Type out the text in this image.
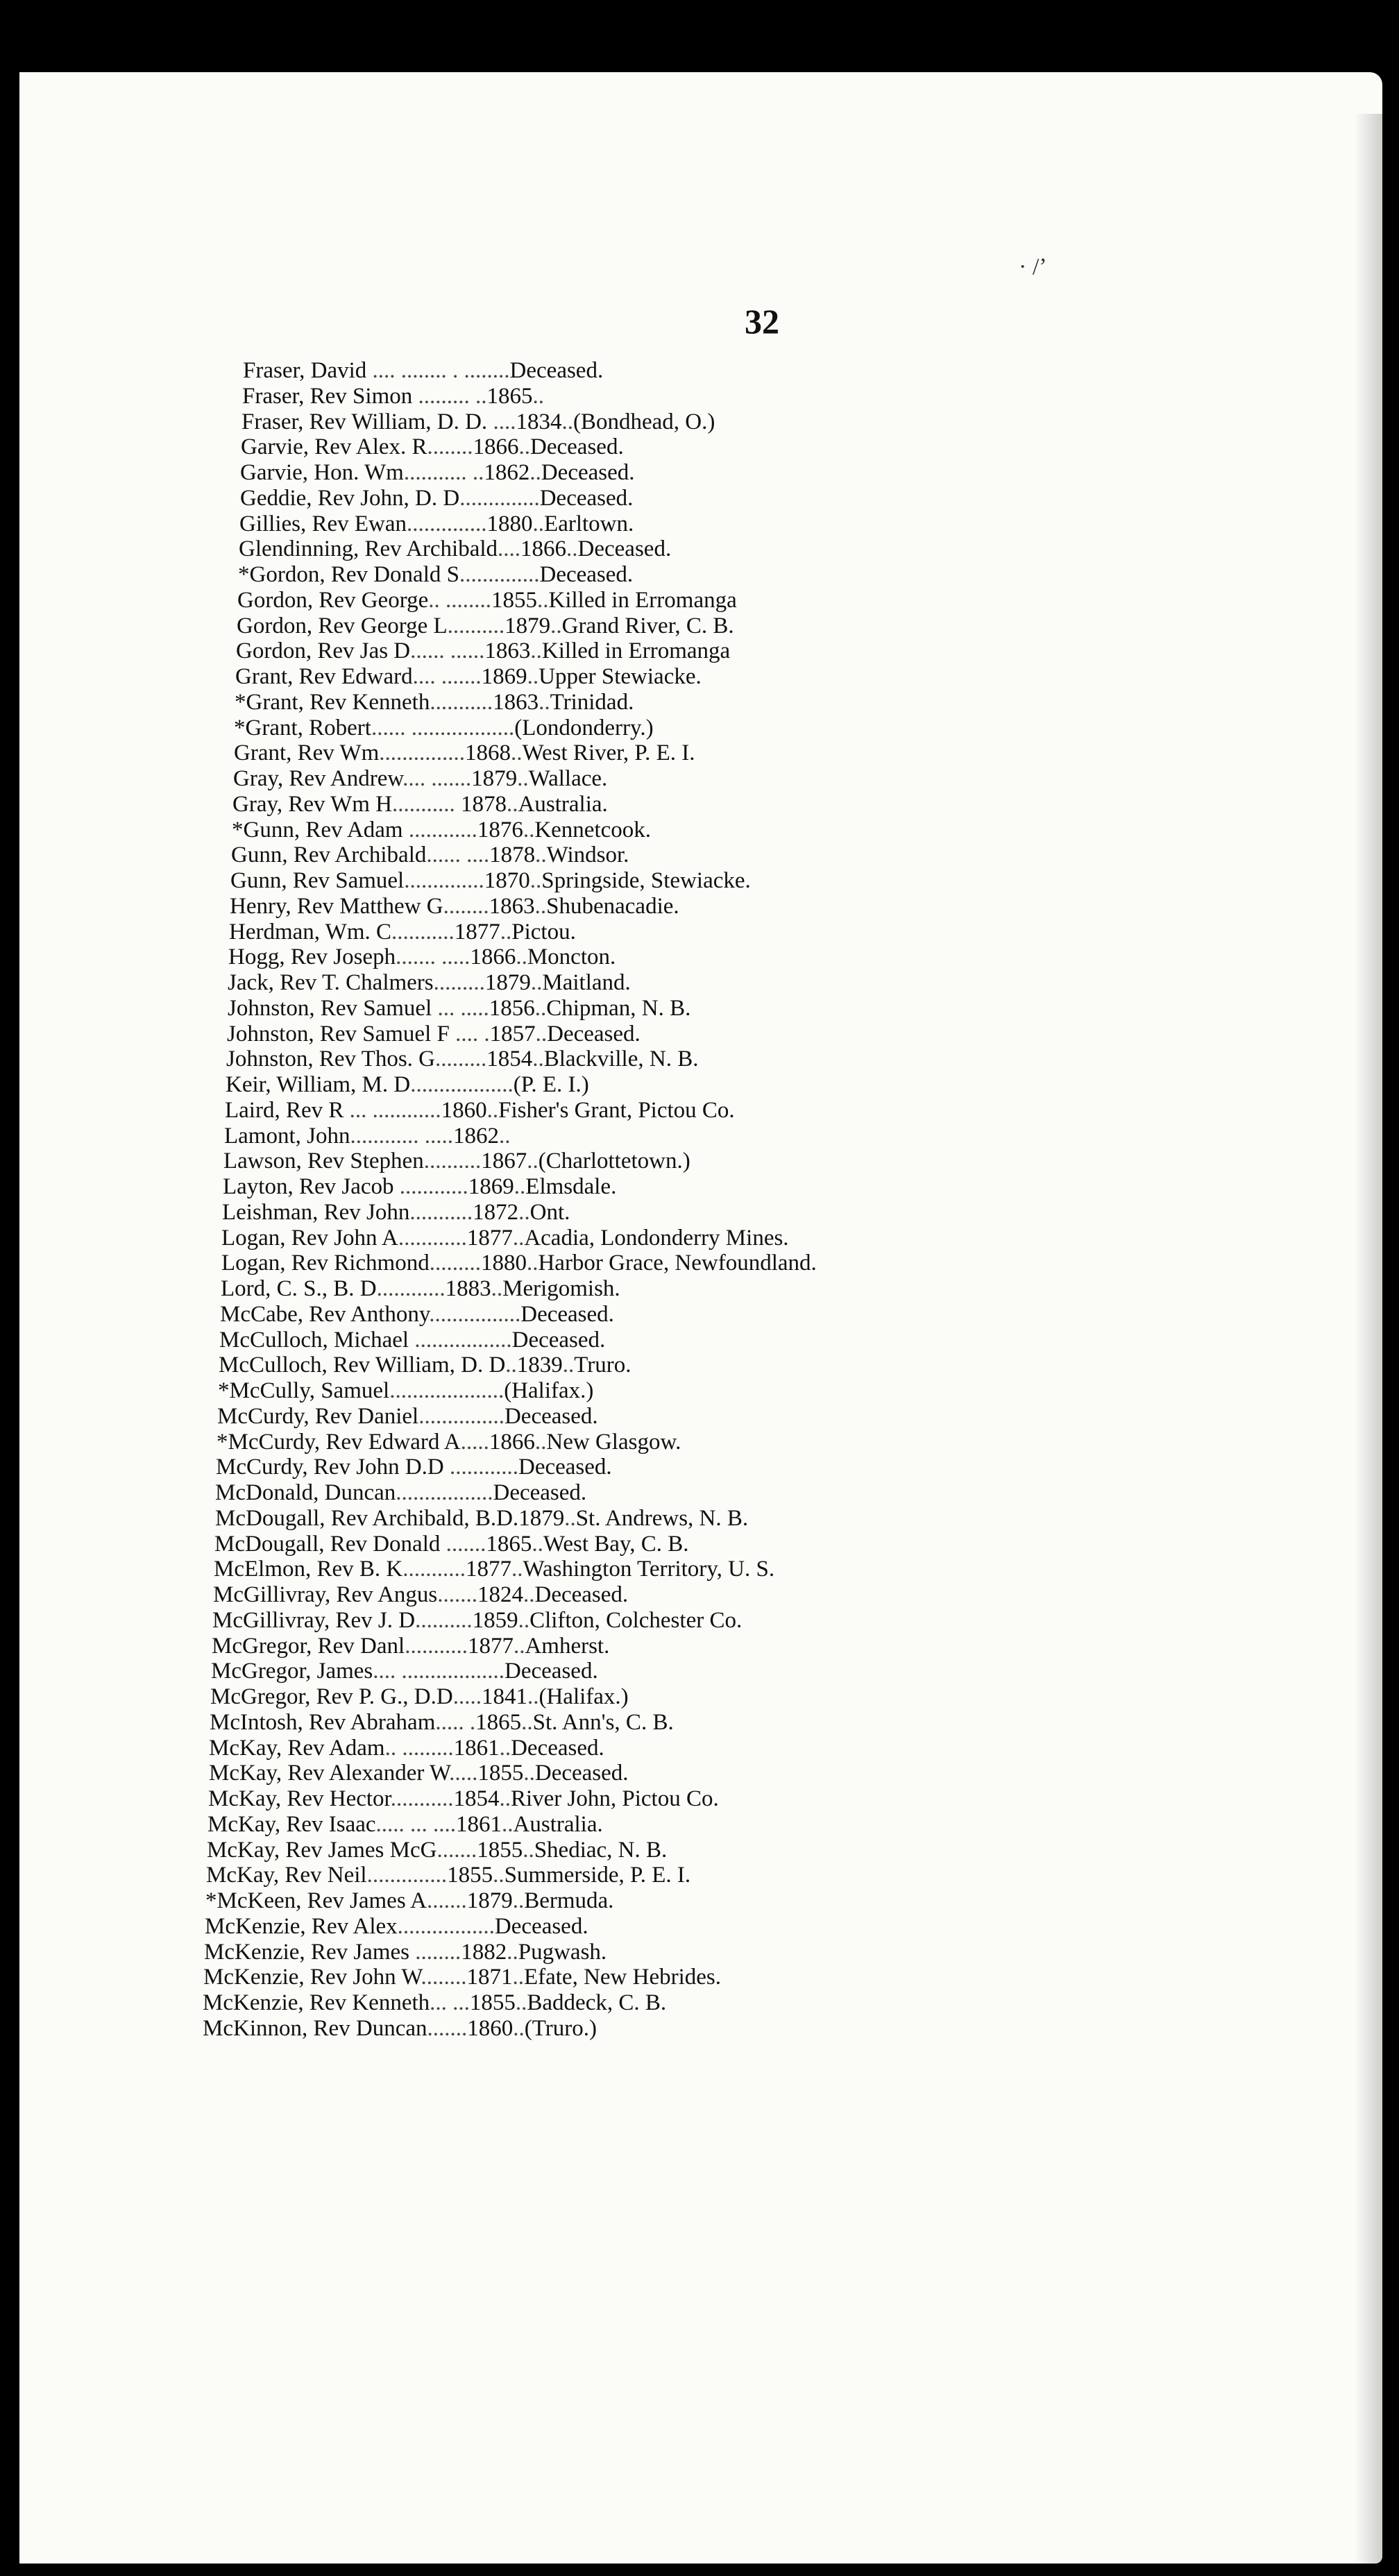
· /ʼ
32
Fraser, David .... ........ . ........Deceased.
Fraser, Rev Simon ......... ..1865..
Fraser, Rev William, D. D. ....1834..(Bondhead, O.)
Garvie, Rev Alex. R........1866..Deceased.
Garvie, Hon. Wm........... ..1862..Deceased.
Geddie, Rev John, D. D..............Deceased.
Gillies, Rev Ewan..............1880..Earltown.
Glendinning, Rev Archibald....1866..Deceased.
*Gordon, Rev Donald S..............Deceased.
Gordon, Rev George.. ........1855..Killed in Erromanga
Gordon, Rev George L..........1879..Grand River, C. B.
Gordon, Rev Jas D...... ......1863..Killed in Erromanga
Grant, Rev Edward.... .......1869..Upper Stewiacke.
*Grant, Rev Kenneth...........1863..Trinidad.
*Grant, Robert...... ..................(Londonderry.)
Grant, Rev Wm...............1868..West River, P. E. I.
Gray, Rev Andrew.... .......1879..Wallace.
Gray, Rev Wm H........... 1878..Australia.
*Gunn, Rev Adam ............1876..Kennetcook.
Gunn, Rev Archibald...... ....1878..Windsor.
Gunn, Rev Samuel..............1870..Springside, Stewiacke.
Henry, Rev Matthew G........1863..Shubenacadie.
Herdman, Wm. C...........1877..Pictou.
Hogg, Rev Joseph....... .....1866..Moncton.
Jack, Rev T. Chalmers.........1879..Maitland.
Johnston, Rev Samuel ... .....1856..Chipman, N. B.
Johnston, Rev Samuel F .... .1857..Deceased.
Johnston, Rev Thos. G.........1854..Blackville, N. B.
Keir, William, M. D..................(P. E. I.)
Laird, Rev R ... ............1860..Fisher's Grant, Pictou Co.
Lamont, John............ .....1862..
Lawson, Rev Stephen..........1867..(Charlottetown.)
Layton, Rev Jacob ............1869..Elmsdale.
Leishman, Rev John...........1872..Ont.
Logan, Rev John A............1877..Acadia, Londonderry Mines.
Logan, Rev Richmond.........1880..Harbor Grace, Newfoundland.
Lord, C. S., B. D............1883..Merigomish.
McCabe, Rev Anthony................Deceased.
McCulloch, Michael .................Deceased.
McCulloch, Rev William, D. D..1839..Truro.
*McCully, Samuel....................(Halifax.)
McCurdy, Rev Daniel...............Deceased.
*McCurdy, Rev Edward A.....1866..New Glasgow.
McCurdy, Rev John D.D ............Deceased.
McDonald, Duncan.................Deceased.
McDougall, Rev Archibald, B.D.1879..St. Andrews, N. B.
McDougall, Rev Donald .......1865..West Bay, C. B.
McElmon, Rev B. K...........1877..Washington Territory, U. S.
McGillivray, Rev Angus.......1824..Deceased.
McGillivray, Rev J. D..........1859..Clifton, Colchester Co.
McGregor, Rev Danl...........1877..Amherst.
McGregor, James.... ..................Deceased.
McGregor, Rev P. G., D.D.....1841..(Halifax.)
McIntosh, Rev Abraham..... .1865..St. Ann's, C. B.
McKay, Rev Adam.. .........1861..Deceased.
McKay, Rev Alexander W.....1855..Deceased.
McKay, Rev Hector...........1854..River John, Pictou Co.
McKay, Rev Isaac..... ... ....1861..Australia.
McKay, Rev James McG.......1855..Shediac, N. B.
McKay, Rev Neil..............1855..Summerside, P. E. I.
*McKeen, Rev James A.......1879..Bermuda.
McKenzie, Rev Alex.................Deceased.
McKenzie, Rev James ........1882..Pugwash.
McKenzie, Rev John W........1871..Efate, New Hebrides.
McKenzie, Rev Kenneth... ...1855..Baddeck, C. B.
McKinnon, Rev Duncan.......1860..(Truro.)
